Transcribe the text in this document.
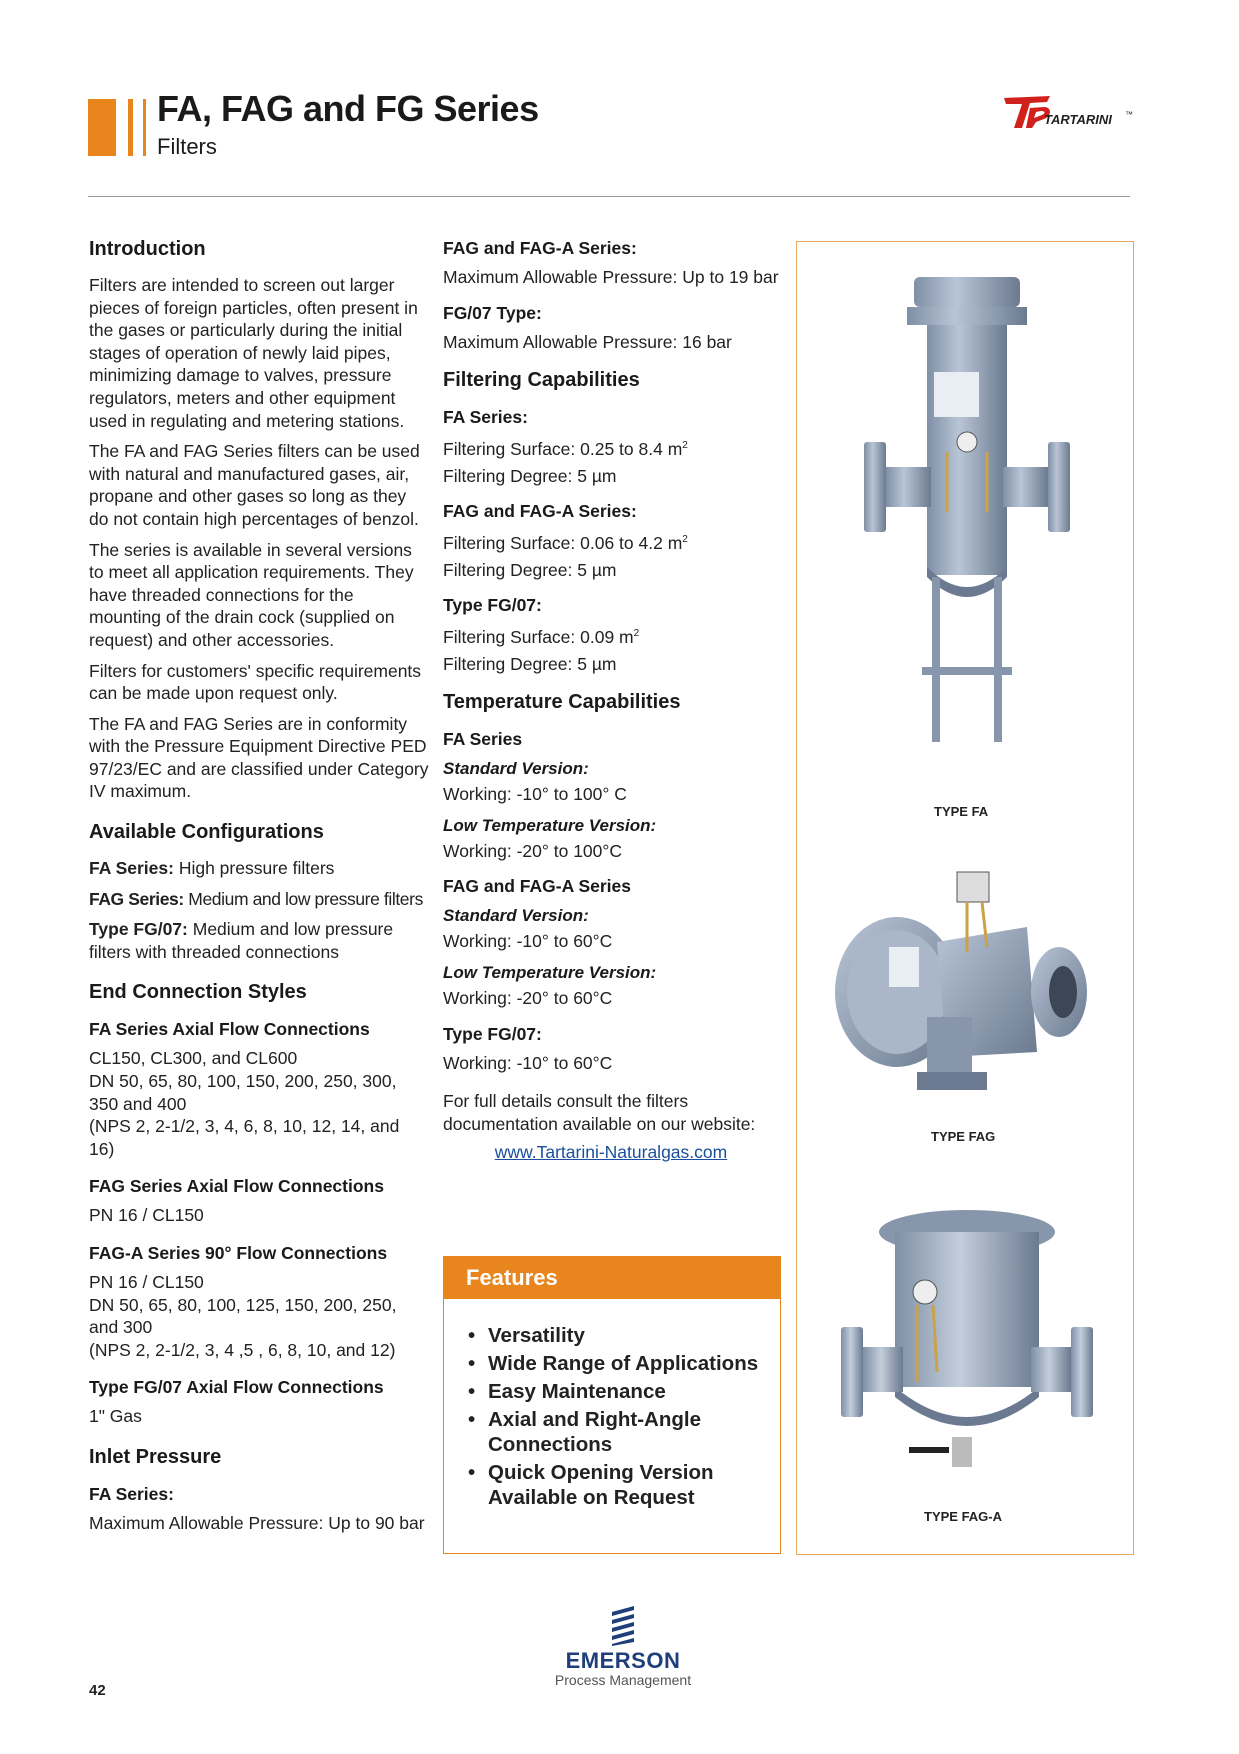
FA, FAG and FG Series
Filters
TARTARINI ™
Introduction

Filters are intended to screen out larger pieces of foreign particles, often present in the gases or particularly during the initial stages of operation of newly laid pipes, minimizing damage to valves, pressure regulators, meters and other equipment used in regulating and metering stations.

The FA and FAG Series filters can be used with natural and manufactured gases, air, propane and other gases so long as they do not contain high percentages of benzol.

The series is available in several versions to meet all application requirements. They have threaded connections for the mounting of the drain cock (supplied on request) and other accessories.

Filters for customers' specific requirements can be made upon request only.

The FA and FAG Series are in conformity with the Pressure Equipment Directive PED 97/23/EC and are classified under Category IV maximum.

Available Configurations

FA Series: High pressure filters

FAG Series: Medium and low pressure filters

Type FG/07: Medium and low pressure filters with threaded connections

End Connection Styles
FA Series Axial Flow Connections
CL150, CL300, and CL600
DN 50, 65, 80, 100, 150, 200, 250, 300, 350 and 400
(NPS 2, 2-1/2, 3, 4, 6, 8, 10, 12, 14, and 16)
FAG Series Axial Flow Connections
PN 16 / CL150
FAG-A Series 90° Flow Connections
PN 16 / CL150
DN 50, 65, 80, 100, 125, 150, 200, 250, and 300
(NPS 2, 2-1/2, 3, 4 ,5 , 6, 8, 10, and 12)
Type FG/07 Axial Flow Connections
1" Gas
Inlet Pressure
FA Series:
Maximum Allowable Pressure: Up to 90 bar
FAG and FAG-A Series:
Maximum Allowable Pressure: Up to 19 bar
FG/07 Type:
Maximum Allowable Pressure: 16 bar
Filtering Capabilities
FA Series:
Filtering Surface: 0.25 to 8.4 $m^2$
Filtering Degree: 5 µm
FAG and FAG-A Series:
Filtering Surface: 0.06 to 4.2 $m^2$
Filtering Degree: 5 µm
Type FG/07:
Filtering Surface: 0.09 $m^2$
Filtering Degree: 5 µm
Temperature Capabilities
FA Series
Standard Version:
Working: -10° to 100° C
Low Temperature Version:
Working: -20° to 100°C
FAG and FAG-A Series
Standard Version:
Working: -10° to 60°C
Low Temperature Version:
Working: -20° to 60°C
Type FG/07:
Working: -10° to 60°C
For full details consult the filters documentation available on our website:
www.Tartarini-Naturalgas.com
Features
• Versatility
• Wide Range of Applications
• Easy Maintenance
• Axial and Right-Angle Connections
• Quick Opening Version Available on Request
TYPE FA
TYPE FAG
TYPE FAG-A
EMERSON
Process Management
42
